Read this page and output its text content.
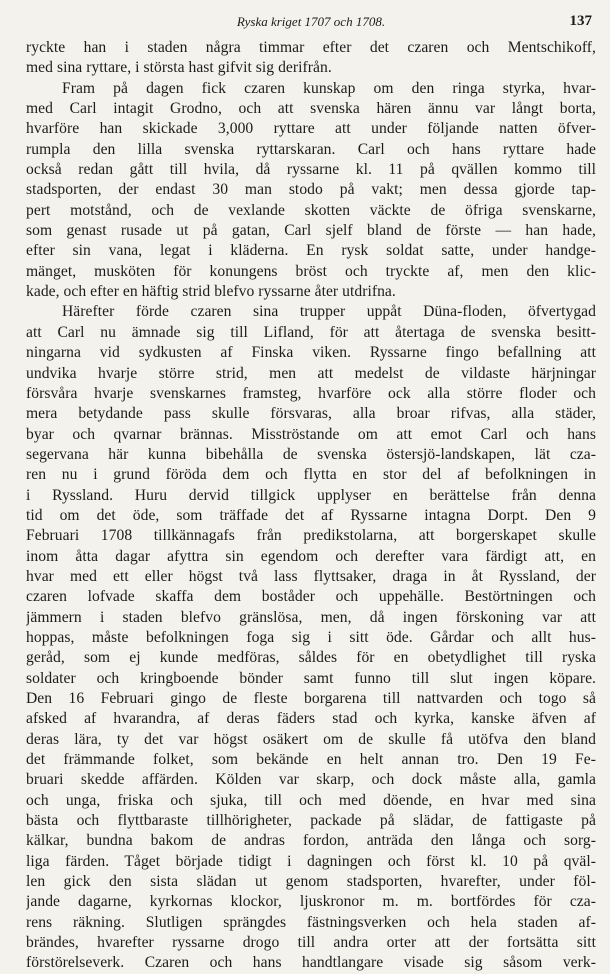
Ryska kriget 1707 och 1708.	137

ryckte han i staden några timmar efter det czaren och Mentschikoff,
med sina ryttare, i största hast gifvit sig derifrån.

Fram på dagen fick czaren kunskap om den ringa styrka, hvar-
med Carl intagit Grodno, och att svenska hären ännu var långt borta,
hvarföre han skickade 3,000 ryttare att under följande natten öfver-
rumpla den lilla svenska ryttarskaran. Carl och hans ryttare hade
också redan gått till hvila, då ryssarne kl. 11 på qvällen kommo till
stadsporten, der endast 30 man stodo på vakt; men dessa gjorde tap-
pert motstånd, och de vexlande skotten väckte de öfriga svenskarne,
som genast rusade ut på gatan, Carl sjelf bland de förste — han hade,
efter sin vana, legat i kläderna. En rysk soldat satte, under handge-
mänget, musköten för konungens bröst och tryckte af, men den klic-
kade, och efter en häftig strid blefvo ryssarne åter utdrifna.

Härefter förde czaren sina trupper uppåt Düna-floden, öfvertygad
att Carl nu ämnade sig till Lifland, för att återtaga de svenska besitt-
ningarna vid sydkusten af Finska viken. Ryssarne fingo befallning att
undvika hvarje större strid, men att medelst de vildaste härjningar
försvåra hvarje svenskarnes framsteg, hvarföre ock alla större floder och
mera betydande pass skulle försvaras, alla broar rifvas, alla städer,
byar och qvarnar brännas. Misströstande om att emot Carl och hans
segervana här kunna bibehålla de svenska östersjö-landskapen, lät cza-
ren nu i grund föröda dem och flytta en stor del af befolkningen in
i Ryssland. Huru dervid tillgick upplyser en berättelse från denna
tid om det öde, som träffade det af Ryssarne intagna Dorpt. Den 9
Februari 1708 tillkännagafs från predikstolarna, att borgerskapet skulle
inom åtta dagar afyttra sin egendom och derefter vara färdigt att, en
hvar med ett eller högst två lass flyttsaker, draga in åt Ryssland, der
czaren lofvade skaffa dem boståder och uppehälle. Bestörtningen och
jämmern i staden blefvo gränslösa, men, då ingen förskoning var att
hoppas, måste befolkningen foga sig i sitt öde. Gårdar och allt hus-
geråd, som ej kunde medföras, såldes för en obetydlighet till ryska
soldater och kringboende bönder samt funno till slut ingen köpare.
Den 16 Februari gingo de fleste borgarena till nattvarden och togo så
afsked af hvarandra, af deras fäders stad och kyrka, kanske äfven af
deras lära, ty det var högst osäkert om de skulle få utöfva den bland
det främmande folket, som bekände en helt annan tro. Den 19 Fe-
bruari skedde affärden. Kölden var skarp, och dock måste alla, gamla
och unga, friska och sjuka, till och med döende, en hvar med sina
bästa och flyttbaraste tillhörigheter, packade på slädar, de fattigaste på
kälkar, bundna bakom de andras fordon, anträda den långa och sorg-
liga färden. Tåget började tidigt i dagningen och först kl. 10 på qväl-
len gick den sista slädan ut genom stadsporten, hvarefter, under föl-
jande dagarne, kyrkornas klockor, ljuskronor m. m. bortfördes för cza-
rens räkning. Slutligen sprängdes fästningsverken och hela staden af-
brändes, hvarefter ryssarne drogo till andra orter att der fortsätta sitt
förstörelseverk. Czaren och hans handtlangare visade sig såsom verk-
